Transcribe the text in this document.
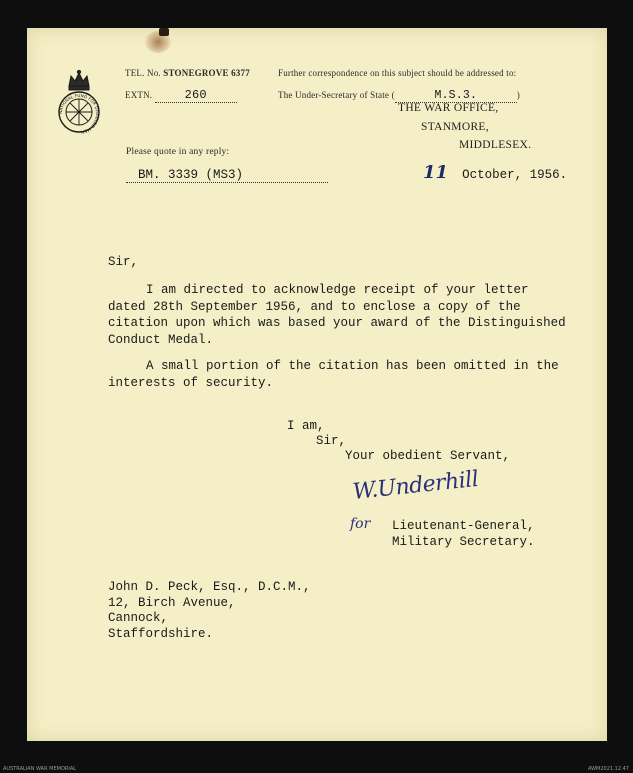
NATIONAL FUND FOR DISABLED MEN
TEL. No. STONEGROVE 6377
EXTN.	260
Further correspondence on this subject should be addressed to:
The Under-Secretary of State (	M.S.3.	)
THE WAR OFFICE,
STANMORE,
MIDDLESEX.
Please quote in any reply:
BM. 3339 (MS3)	11 October, 1956.
Sir,
I am directed to acknowledge receipt of your letter
dated 28th September 1956, and to enclose a copy of the
citation upon which was based your award of the Distinguished
Conduct Medal.
A small portion of the citation has been omitted in the
interests of security.
I am,
Sir,
Your obedient Servant,
W.Underhill
for Lieutenant-General,
Military Secretary.
John D. Peck, Esq., D.C.M.,
12, Birch Avenue,
Cannock,
Staffordshire.
AUSTRALIAN WAR MEMORIAL	AWM2021.12.47
